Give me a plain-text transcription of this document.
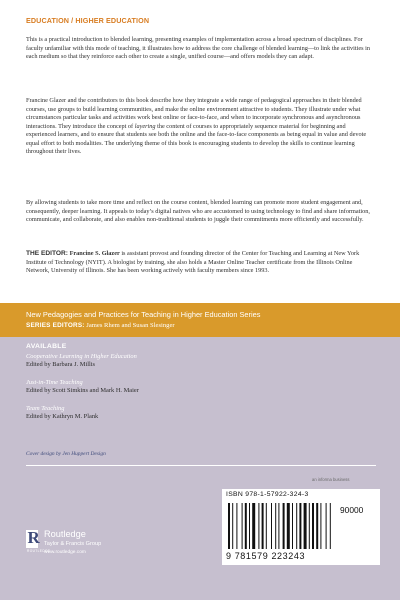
EDUCATION / HIGHER EDUCATION

This is a practical introduction to blended learning, presenting examples of implementation across a broad spectrum of disciplines. For faculty unfamiliar with this mode of teaching, it illustrates how to address the core challenge of blended learning—to link the activities in each medium so that they reinforce each other to create a single, unified course—and offers models they can adapt.

Francine Glazer and the contributors to this book describe how they integrate a wide range of pedagogical approaches in their blended courses, use groups to build learning communities, and make the online environment attractive to students. They illustrate under what circumstances particular tasks and activities work best online or face-to-face, and when to incorporate synchronous and asynchronous interactions. They introduce the concept of layering the content of courses to appropriately sequence material for beginning and experienced learners, and to ensure that students see both the online and the face-to-face components as being equal in value and devote equal effort to both modalities. The underlying theme of this book is encouraging students to develop the skills to continue learning throughout their lives.

By allowing students to take more time and reflect on the course content, blended learning can promote more student engagement and, consequently, deeper learning. It appeals to today’s digital natives who are accustomed to using technology to find and share information, communicate, and collaborate, and also enables non-traditional students to juggle their commitments more efficiently and successfully.

THE EDITOR: Francine S. Glazer is assistant provost and founding director of the Center for Teaching and Learning at New York Institute of Technology (NYIT). A biologist by training, she also holds a Master Online Teacher certificate from the Illinois Online Network, University of Illinois. She has been working actively with faculty members since 1993.

New Pedagogies and Practices for Teaching in Higher Education Series
SERIES EDITORS: James Rhem and Susan Slesinger
AVAILABLE
Cooperative Learning in Higher Education
Edited by Barbara J. Millis
Just-in-Time Teaching
Edited by Scott Simkins and Mark H. Maier
Team Teaching
Edited by Kathryn M. Plank
Cover design by Jen Huppert Design
an informa business
R
ROUTLEDGE
Routledge
Taylor & Francis Group
www.routledge.com
ISBN 978-1-57922-324-3
90000
9 781579 223243
